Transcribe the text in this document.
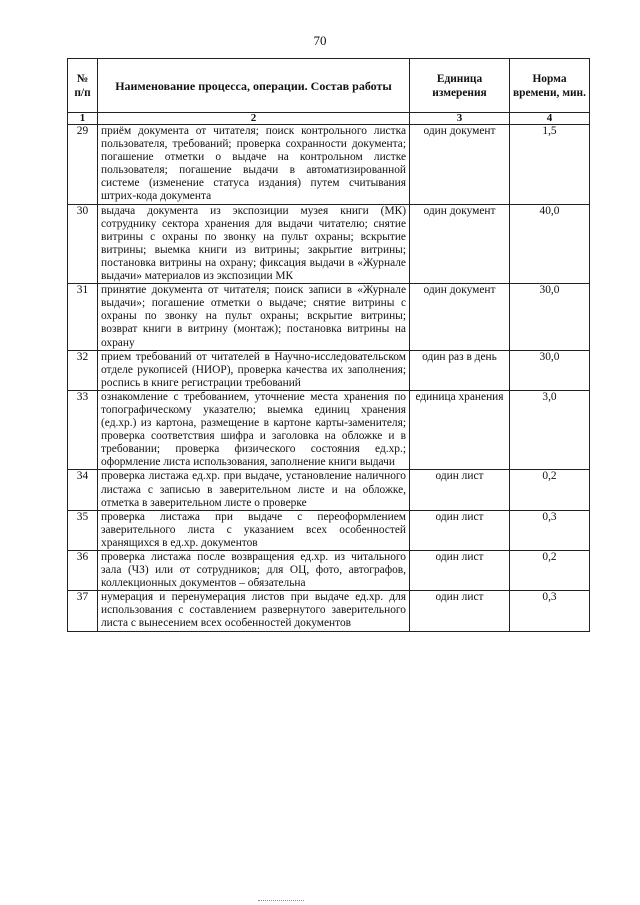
70
№ п/п	Наименование процесса, операции. Состав работы	Единица измерения	Норма времени, мин.
1	2	3	4
29	приём документа от читателя; поиск контрольного листка пользователя, требований; проверка сохранности документа; погашение отметки о выдаче на контрольном листке пользователя; погашение выдачи в автоматизированной системе (изменение статуса издания) путем считывания штрих-кода документа	один документ	1,5
30	выдача документа из экспозиции музея книги (МК) сотруднику сектора хранения для выдачи читателю; снятие витрины с охраны по звонку на пульт охраны; вскрытие витрины; выемка книги из витрины; закрытие витрины; постановка витрины на охрану; фиксация выдачи в «Журнале выдачи» материалов из экспозиции МК	один документ	40,0
31	принятие документа от читателя; поиск записи в «Журнале выдачи»; погашение отметки о выдаче; снятие витрины с охраны по звонку на пульт охраны; вскрытие витрины; возврат книги в витрину (монтаж); постановка витрины на охрану	один документ	30,0
32	прием требований от читателей в Научно-исследовательском отделе рукописей (НИОР), проверка качества их заполнения; роспись в книге регистрации требований	один раз в день	30,0
33	ознакомление с требованием, уточнение места хранения по топографическому указателю; выемка единиц хранения (ед.хр.) из картона, размещение в картоне карты-заменителя; проверка соответствия шифра и заголовка на обложке и в требовании; проверка физического состояния ед.хр.; оформление листа использования, заполнение книги выдачи	единица хранения	3,0
34	проверка листажа ед.хр. при выдаче, установление наличного листажа с записью в заверительном листе и на обложке, отметка в заверительном листе о проверке	один лист	0,2
35	проверка листажа при выдаче с переоформлением заверительного листа с указанием всех особенностей хранящихся в ед.хр. документов	один лист	0,3
36	проверка листажа после возвращения ед.хр. из читального зала (ЧЗ) или от сотрудников; для ОЦ, фото, автографов, коллекционных документов – обязательна	один лист	0,2
37	нумерация и перенумерация листов при выдаче ед.хр. для использования с составлением развернутого заверительного листа с вынесением всех особенностей документов	один лист	0,3
